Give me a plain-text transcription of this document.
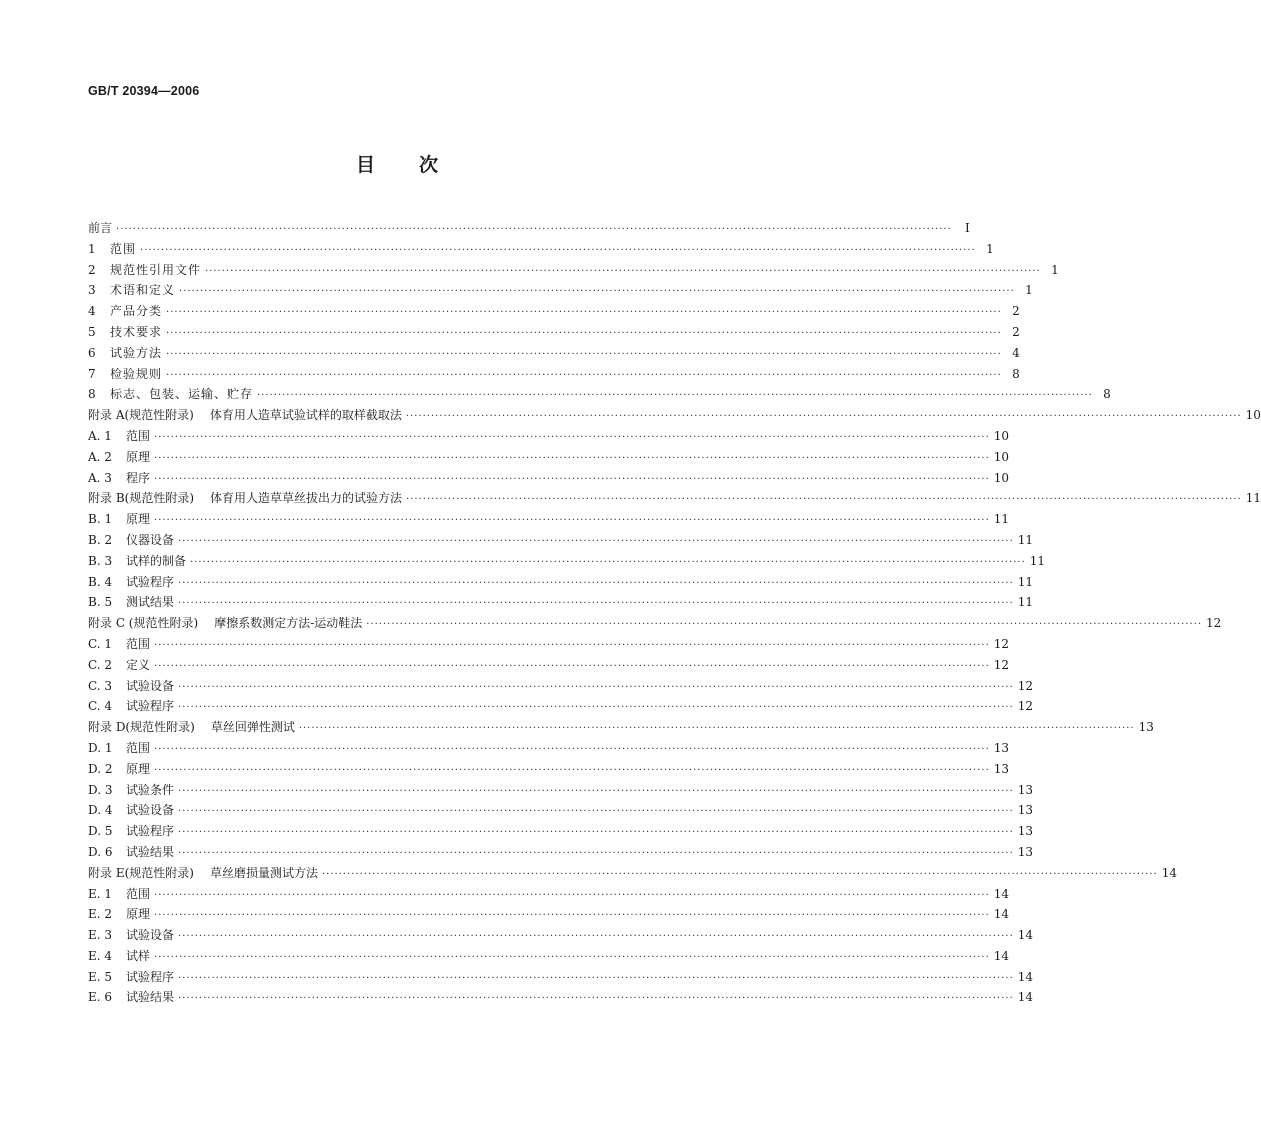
GB/T 20394—2006
目次
前言 ········································································································································································································	Ⅰ
1	范围 ········································································································································································································ 1
2	规范性引用文件 ········································································································································································································ 1
3	术语和定义 ········································································································································································································ 1
4	产品分类 ········································································································································································································ 2
5	技术要求 ········································································································································································································ 2
6	试验方法 ········································································································································································································ 4
7	检验规则 ········································································································································································································ 8
8	标志、包装、运输、贮存 ········································································································································································································ 8
附录 A(规范性附录) 体育用人造草试验试样的取样截取法 ········································································································································································································ 10
A. 1	范围 ········································································································································································································ 10
A. 2	原理 ········································································································································································································ 10
A. 3	程序 ········································································································································································································ 10
附录 B(规范性附录) 体育用人造草草丝拔出力的试验方法 ········································································································································································································ 11
B. 1	原理 ········································································································································································································ 11
B. 2	仪器设备 ········································································································································································································ 11
B. 3	试样的制备 ········································································································································································································ 11
B. 4	试验程序 ········································································································································································································ 11
B. 5	测试结果 ········································································································································································································ 11
附录 C (规范性附录) 摩擦系数测定方法-运动鞋法 ········································································································································································································ 12
C. 1	范围 ········································································································································································································ 12
C. 2	定义 ········································································································································································································ 12
C. 3	试验设备 ········································································································································································································ 12
C. 4	试验程序 ········································································································································································································ 12
附录 D(规范性附录) 草丝回弹性测试 ········································································································································································································ 13
D. 1	范围 ········································································································································································································ 13
D. 2	原理 ········································································································································································································ 13
D. 3	试验条件 ········································································································································································································ 13
D. 4	试验设备 ········································································································································································································ 13
D. 5	试验程序 ········································································································································································································ 13
D. 6	试验结果 ········································································································································································································ 13
附录 E(规范性附录) 草丝磨损量测试方法 ········································································································································································································ 14
E. 1	范围 ········································································································································································································ 14
E. 2	原理 ········································································································································································································ 14
E. 3	试验设备 ········································································································································································································ 14
E. 4	试样 ········································································································································································································ 14
E. 5	试验程序 ········································································································································································································ 14
E. 6	试验结果 ········································································································································································································ 14
